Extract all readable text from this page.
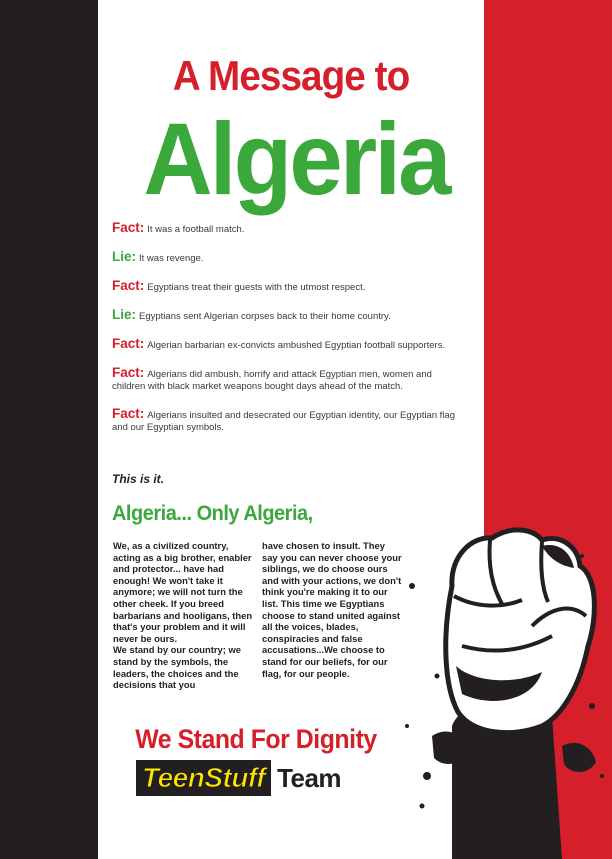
A Message to
Algeria
Fact: It was a football match.
Lie: It was revenge.
Fact: Egyptians treat their guests with the utmost respect.
Lie: Egyptians sent Algerian corpses back to their home country.
Fact: Algerian barbarian ex-convicts ambushed Egyptian football supporters.
Fact: Algerians did ambush, horrify and attack Egyptian men, women and children with black market weapons bought days ahead of the match.
Fact: Algerians insulted and desecrated our Egyptian identity, our Egyptian flag and our Egyptian symbols.
This is it.
Algeria... Only Algeria,
We, as a civilized country, acting as a big brother, enabler and protector... have had enough! We won't take it anymore; we will not turn the other cheek. If you breed barbarians and hooligans, then that's your problem and it will never be ours.
We stand by our country; we stand by the symbols, the leaders, the choices and the decisions that you
have chosen to insult. They say you can never choose your siblings, we do choose ours and with your actions, we don't think you're making it to our list. This time we Egyptians choose to stand united against all the voices, blades, conspiracies and false accusations...We choose to stand for our beliefs, for our flag, for our people.
We Stand For Dignity
TeenStuff Team
